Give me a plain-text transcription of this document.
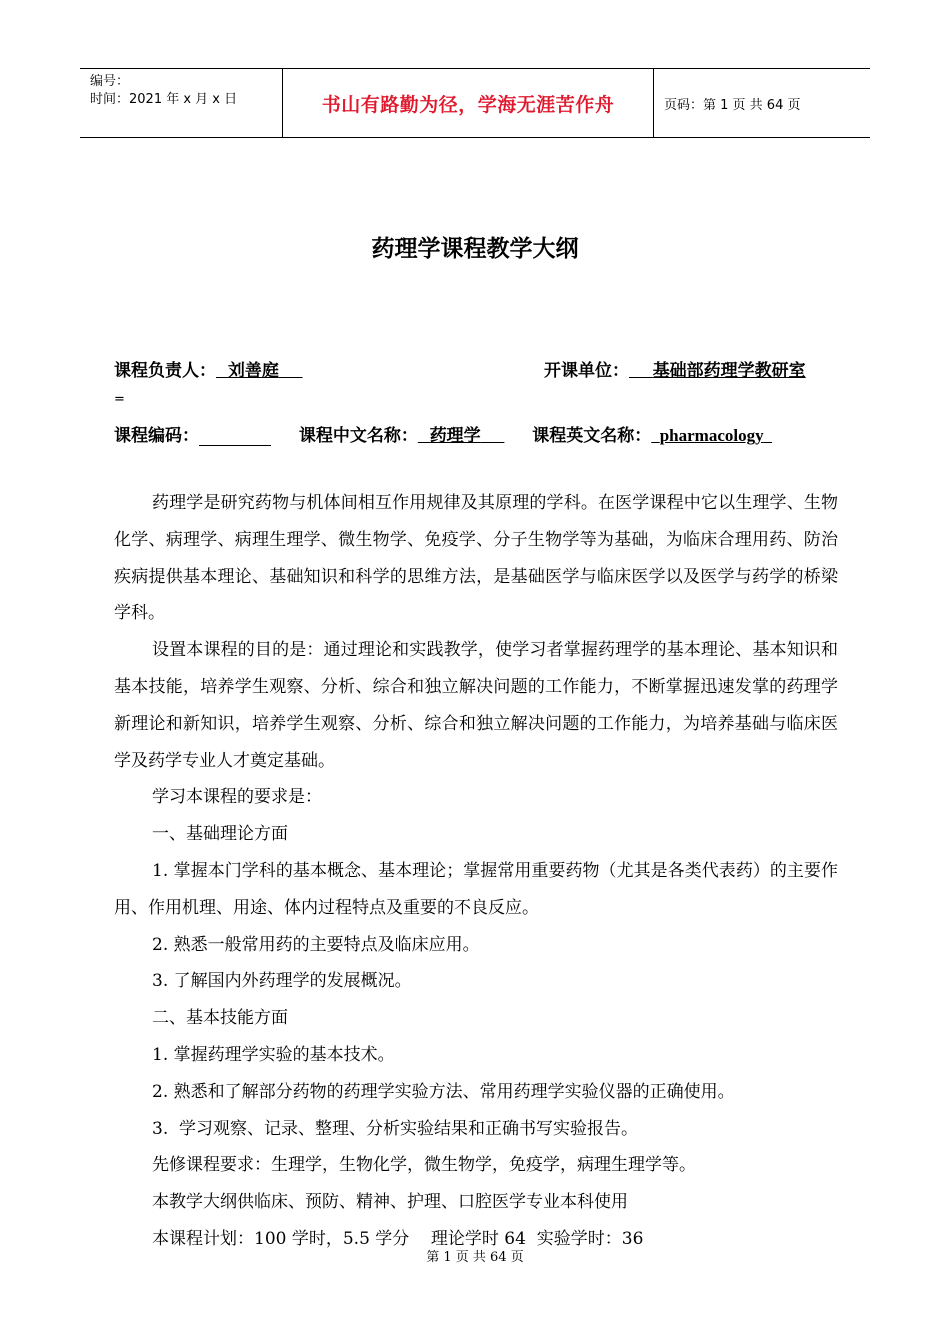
编号：
时间：2021 年 x 月 x 日	书山有路勤为径，学海无涯苦作舟	页码：第 1 页 共 64 页
药理学课程教学大纲
课程负责人： 刘善庭	开课单位： 基础部药理学教研室
=
课程编码：	课程中文名称： 药理学	课程英文名称： pharmacology

药理学是研究药物与机体间相互作用规律及其原理的学科。在医学课程中它以生理学、生物化学、病理学、病理生理学、微生物学、免疫学、分子生物学等为基础，为临床合理用药、防治疾病提供基本理论、基础知识和科学的思维方法，是基础医学与临床医学以及医学与药学的桥梁学科。

设置本课程的目的是：通过理论和实践教学，使学习者掌握药理学的基本理论、基本知识和基本技能，培养学生观察、分析、综合和独立解决问题的工作能力，不断掌握迅速发掌的药理学新理论和新知识，培养学生观察、分析、综合和独立解决问题的工作能力，为培养基础与临床医学及药学专业人才奠定基础。

学习本课程的要求是：

一、基础理论方面

1. 掌握本门学科的基本概念、基本理论；掌握常用重要药物（尤其是各类代表药）的主要作用、作用机理、用途、体内过程特点及重要的不良反应。

2. 熟悉一般常用药的主要特点及临床应用。

3. 了解国内外药理学的发展概况。

二、基本技能方面

1. 掌握药理学实验的基本技术。

2. 熟悉和了解部分药物的药理学实验方法、常用药理学实验仪器的正确使用。

3.  学习观察、记录、整理、分析实验结果和正确书写实验报告。

先修课程要求：生理学，生物化学，微生物学，免疫学，病理生理学等。

本教学大纲供临床、预防、精神、护理、口腔医学专业本科使用

本课程计划：100 学时，5.5 学分    理论学时 64  实验学时：36

第 1 页 共 64 页
